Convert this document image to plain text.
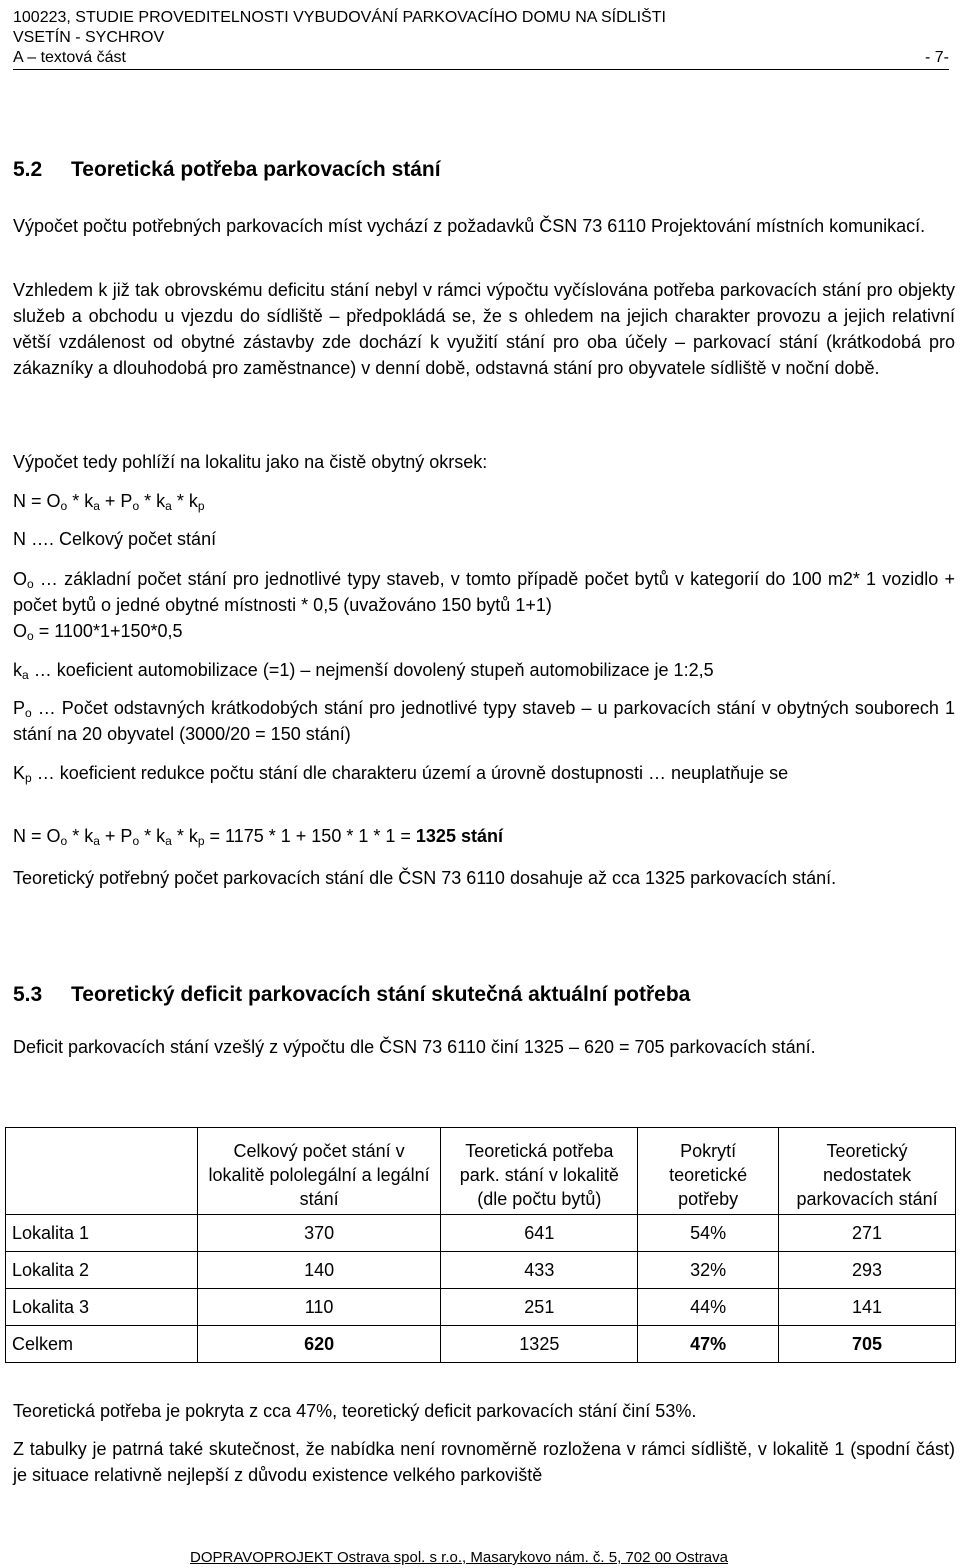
100223, STUDIE PROVEDITELNOSTI VYBUDOVÁNÍ PARKOVACÍHO DOMU NA SÍDLIŠTI
VSETÍN - SYCHROV
A – textová část	- 7-
5.2 Teoretická potřeba parkovacích stání
Výpočet počtu potřebných parkovacích míst vychází z požadavků ČSN 73 6110 Projektování místních komunikací.
Vzhledem k již tak obrovskému deficitu stání nebyl v rámci výpočtu vyčíslována potřeba parkovacích stání pro objekty služeb a obchodu u vjezdu do sídliště – předpokládá se, že s ohledem na jejich charakter provozu a jejich relativní větší vzdálenost od obytné zástavby zde dochází k využití stání pro oba účely – parkovací stání (krátkodobá pro zákazníky a dlouhodobá pro zaměstnance) v denní době, odstavná stání pro obyvatele sídliště v noční době.
Výpočet tedy pohlíží na lokalitu jako na čistě obytný okrsek:
$N = O_o * k_a + P_o * k_a * k_p$
N …. Celkový počet stání
$O_o$ … základní počet stání pro jednotlivé typy staveb, v tomto případě počet bytů v kategorií do 100 m2* 1 vozidlo + počet bytů o jedné obytné místnosti * 0,5 (uvažováno 150 bytů 1+1)
$O_o = 1100*1+150*0,5$
$k_a$ … koeficient automobilizace (=1) – nejmenší dovolený stupeň automobilizace je 1:2,5
$P_o$ … Počet odstavných krátkodobých stání pro jednotlivé typy staveb – u parkovacích stání v obytných souborech 1 stání na 20 obyvatel (3000/20 = 150 stání)
$K_p$ … koeficient redukce počtu stání dle charakteru území a úrovně dostupnosti … neuplatňuje se
$N = O_o * k_a + P_o * k_a * k_p = 1175 * 1 + 150 * 1 * 1 = 1325$ stání
Teoretický potřebný počet parkovacích stání dle ČSN 73 6110 dosahuje až cca 1325 parkovacích stání.
5.3 Teoretický deficit parkovacích stání skutečná aktuální potřeba
Deficit parkovacích stání vzešlý z výpočtu dle ČSN 73 6110 činí 1325 – 620 = 705 parkovacích stání.
	Celkový počet stání v lokalitě pololegální a legální stání	Teoretická potřeba park. stání v lokalitě (dle počtu bytů)	Pokrytí teoretické potřeby	Teoretický nedostatek parkovacích stání
Lokalita 1	370	641	54%	271
Lokalita 2	140	433	32%	293
Lokalita 3	110	251	44%	141
Celkem	620	1325	47%	705
Teoretická potřeba je pokryta z cca 47%, teoretický deficit parkovacích stání činí 53%.
Z tabulky je patrná také skutečnost, že nabídka není rovnoměrně rozložena v rámci sídliště, v lokalitě 1 (spodní část) je situace relativně nejlepší z důvodu existence velkého parkoviště
DOPRAVOPROJEKT Ostrava spol. s r.o., Masarykovo nám. č. 5, 702 00 Ostrava
